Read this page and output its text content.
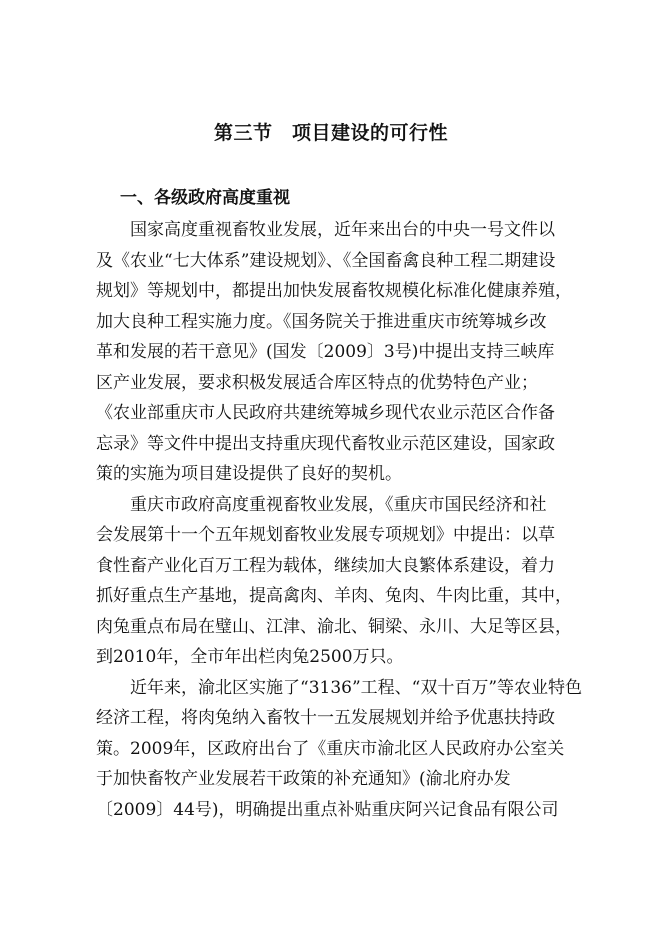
第三节　项目建设的可行性
一、各级政府高度重视
国家高度重视畜牧业发展，近年来出台的中央一号文件以
及《农业“七大体系”建设规划》、《全国畜禽良种工程二期建设
规划》等规划中，都提出加快发展畜牧规模化标准化健康养殖，
加大良种工程实施力度。《国务院关于推进重庆市统筹城乡改
革和发展的若干意见》(国发〔2009〕3号)中提出支持三峡库
区产业发展，要求积极发展适合库区特点的优势特色产业；
《农业部重庆市人民政府共建统筹城乡现代农业示范区合作备
忘录》等文件中提出支持重庆现代畜牧业示范区建设，国家政
策的实施为项目建设提供了良好的契机。
重庆市政府高度重视畜牧业发展，《重庆市国民经济和社
会发展第十一个五年规划畜牧业发展专项规划》中提出：以草
食性畜产业化百万工程为载体，继续加大良繁体系建设，着力
抓好重点生产基地，提高禽肉、羊肉、兔肉、牛肉比重，其中，
肉兔重点布局在璧山、江津、渝北、铜梁、永川、大足等区县，
到2010年，全市年出栏肉兔2500万只。
近年来，渝北区实施了“3136”工程、“双十百万”等农业特色
经济工程，将肉兔纳入畜牧十一五发展规划并给予优惠扶持政
策。2009年，区政府出台了《重庆市渝北区人民政府办公室关
于加快畜牧产业发展若干政策的补充通知》(渝北府办发
〔2009〕44号)，明确提出重点补贴重庆阿兴记食品有限公司
